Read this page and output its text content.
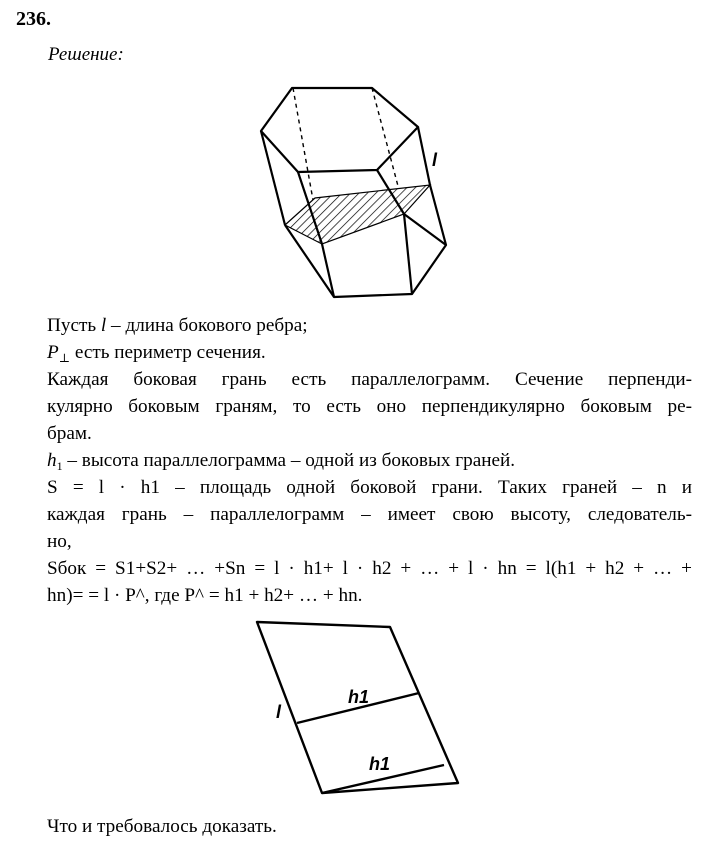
236.
Решение:
l

Пусть l – длина бокового ребра;

$P_\perp$ есть периметр сечения.

Каждая боковая грань есть параллелограмм. Сечение перпенди-

кулярно боковым граням, то есть оно перпендикулярно боковым ре-

брам.

$h_1$ – высота параллелограмма – одной из боковых граней.

S = l · h1 – площадь одной боковой грани. Таких граней – n и

каждая грань – параллелограмм – имеет свою высоту, следователь-

но,

Sбок = S1+S2+ … +Sn = l · h1+ l · h2 + … + l · hn = l(h1 + h2 + … +

hn)= = l · P^, где P^ = h1 + h2+ … + hn.

h1
h1
l

Что и требовалось доказать.
